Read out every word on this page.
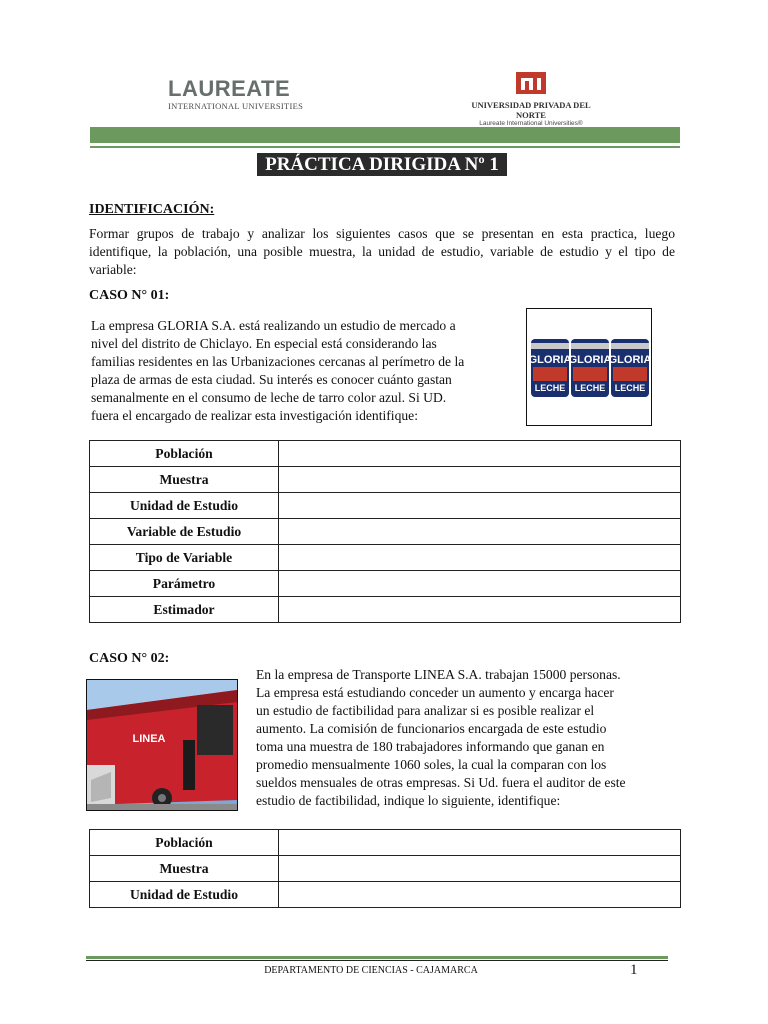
LAUREATE
INTERNATIONAL UNIVERSITIES	UNIVERSIDAD PRIVADA DEL NORTE
Laureate International Universities®
PRÁCTICA DIRIGIDA Nº 1
IDENTIFICACIÓN:
Formar grupos de trabajo y analizar los siguientes casos que se presentan en esta practica, luego identifique, la población, una posible muestra, la unidad de estudio, variable de estudio y el tipo de variable:
CASO N° 01:
La empresa GLORIA S.A. está realizando un estudio de mercado a
nivel del distrito de Chiclayo. En especial está considerando las
familias residentes en las Urbanizaciones cercanas al perímetro de la
plaza de armas de esta ciudad. Su interés es conocer cuánto gastan
semanalmente en el consumo de leche de tarro color azul. Si UD.
fuera el encargado de realizar esta investigación identifique:
GLORIA
GLORIA
GLORIA
LECHE LECHE LECHE
Población	
Muestra	
Unidad de Estudio	
Variable de Estudio	
Tipo de Variable	
Parámetro	
Estimador	
CASO N° 02:
LINEA
En la empresa de Transporte LINEA S.A. trabajan 15000 personas.
La empresa está estudiando conceder un aumento y encarga hacer
un estudio de factibilidad para analizar si es posible realizar el
aumento. La comisión de funcionarios encargada de este estudio
toma una muestra de 180 trabajadores informando que ganan en
promedio mensualmente 1060 soles, la cual la comparan con los
sueldos mensuales de otras empresas. Si Ud. fuera el auditor de este
estudio de factibilidad, indique lo siguiente, identifique:
Población	
Muestra	
Unidad de Estudio	
DEPARTAMENTO DE CIENCIAS - CAJAMARCA	1
